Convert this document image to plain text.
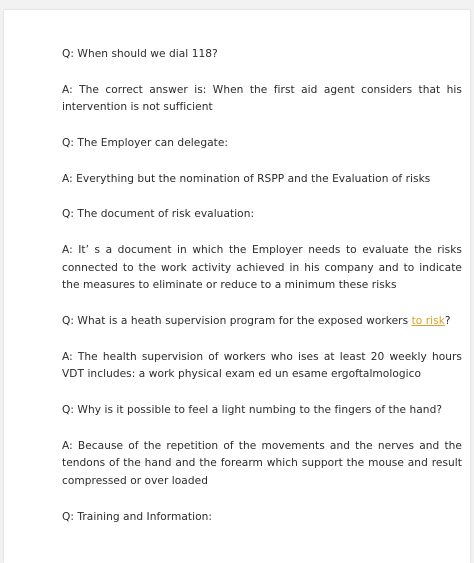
Q: When should we dial 118?

A: The correct answer is: When the first aid agent considers that his intervention is not sufficient

Q: The Employer can delegate:

A: Everything but the nomination of RSPP and the Evaluation of risks

Q: The document of risk evaluation:

A: It’ s a document in which the Employer needs to evaluate the risks connected to the work activity achieved in his company and to indicate the measures to eliminate or reduce to a minimum these risks

Q: What is a heath supervision program for the exposed workers to risk?

A: The health supervision of workers who ises at least 20 weekly hours VDT includes: a work physical exam ed un esame ergoftalmologico

Q: Why is it possible to feel a light numbing to the fingers of the hand?

A: Because of the repetition of the movements and the nerves and the tendons of the hand and the forearm which support the mouse and result compressed or over loaded

Q: Training and Information:
